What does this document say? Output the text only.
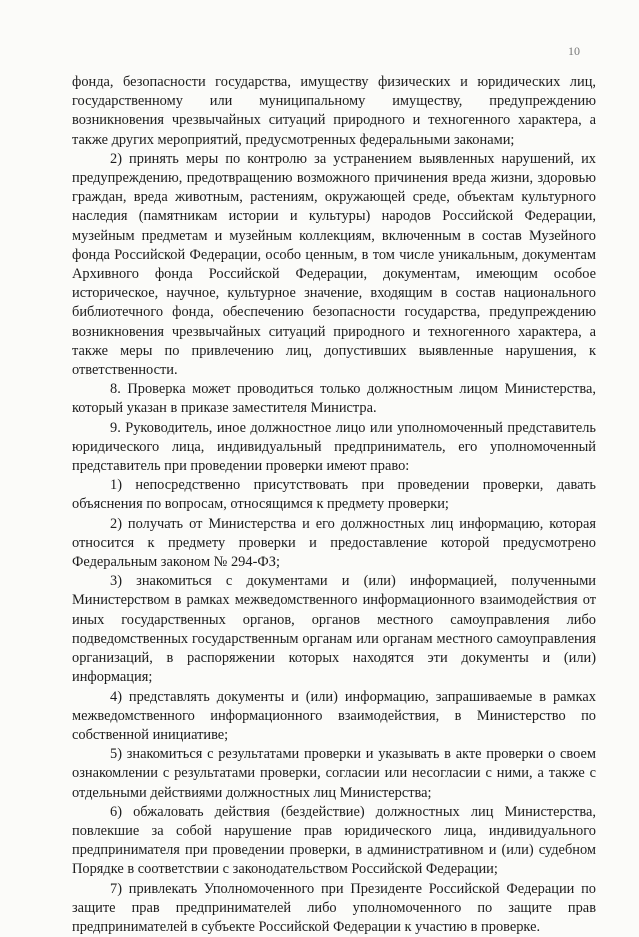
10

фонда, безопасности государства, имуществу физических и юридических лиц, государственному или муниципальному имуществу, предупреждению возникновения чрезвычайных ситуаций природного и техногенного характера, а также других мероприятий, предусмотренных федеральными законами;

2) принять меры по контролю за устранением выявленных нарушений, их предупреждению, предотвращению возможного причинения вреда жизни, здоровью граждан, вреда животным, растениям, окружающей среде, объектам культурного наследия (памятникам истории и культуры) народов Российской Федерации, музейным предметам и музейным коллекциям, включенным в состав Музейного фонда Российской Федерации, особо ценным, в том числе уникальным, документам Архивного фонда Российской Федерации, документам, имеющим особое историческое, научное, культурное значение, входящим в состав национального библиотечного фонда, обеспечению безопасности государства, предупреждению возникновения чрезвычайных ситуаций природного и техногенного характера, а также меры по привлечению лиц, допустивших выявленные нарушения, к ответственности.

8. Проверка может проводиться только должностным лицом Министерства, который указан в приказе заместителя Министра.

9. Руководитель, иное должностное лицо или уполномоченный представитель юридического лица, индивидуальный предприниматель, его уполномоченный представитель при проведении проверки имеют право:

1) непосредственно присутствовать при проведении проверки, давать объяснения по вопросам, относящимся к предмету проверки;

2) получать от Министерства и его должностных лиц информацию, которая относится к предмету проверки и предоставление которой предусмотрено Федеральным законом № 294-ФЗ;

3) знакомиться с документами и (или) информацией, полученными Министерством в рамках межведомственного информационного взаимодействия от иных государственных органов, органов местного самоуправления либо подведомственных государственным органам или органам местного самоуправления организаций, в распоряжении которых находятся эти документы и (или) информация;

4) представлять документы и (или) информацию, запрашиваемые в рамках межведомственного информационного взаимодействия, в Министерство по собственной инициативе;

5) знакомиться с результатами проверки и указывать в акте проверки о своем ознакомлении с результатами проверки, согласии или несогласии с ними, а также с отдельными действиями должностных лиц Министерства;

6) обжаловать действия (бездействие) должностных лиц Министерства, повлекшие за собой нарушение прав юридического лица, индивидуального предпринимателя при проведении проверки, в административном и (или) судебном Порядке в соответствии с законодательством Российской Федерации;

7) привлекать Уполномоченного при Президенте Российской Федерации по защите прав предпринимателей либо уполномоченного по защите прав предпринимателей в субъекте Российской Федерации к участию в проверке.
